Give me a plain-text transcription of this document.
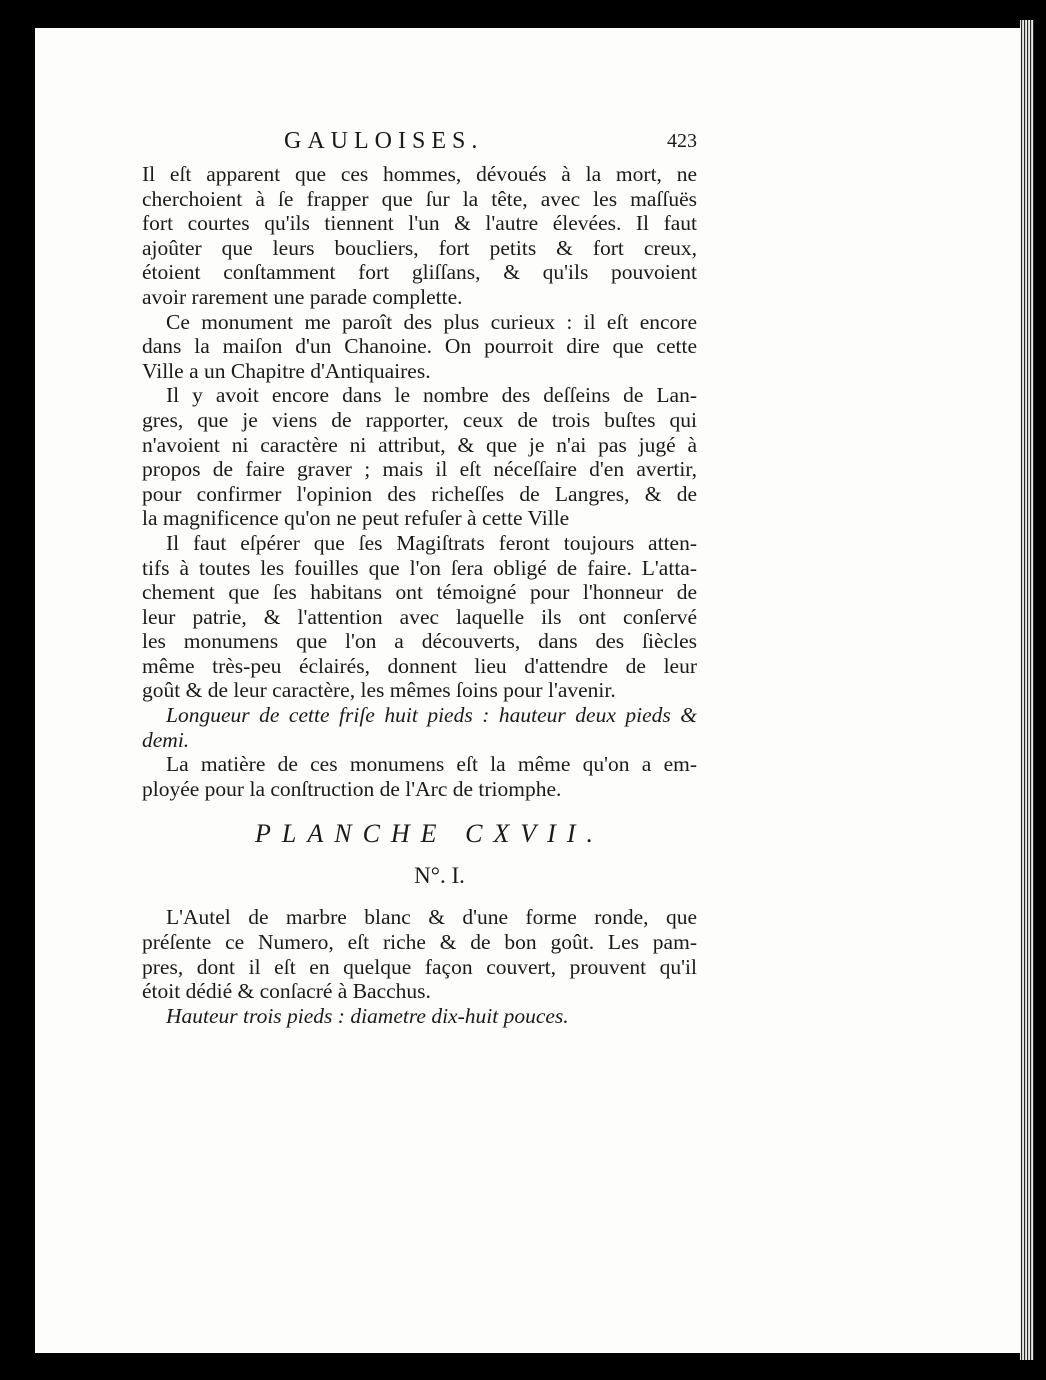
GAULOISES.	423
Il eſt apparent que ces hommes, dévoués à la mort, ne
cherchoient à ſe frapper que ſur la tête, avec les maſſuës
fort courtes qu'ils tiennent l'un & l'autre élevées. Il faut
ajoûter que leurs boucliers, fort petits & fort creux,
étoient conſtamment fort gliſſans, & qu'ils pouvoient
avoir rarement une parade complette.
Ce monument me paroît des plus curieux : il eſt encore
dans la maiſon d'un Chanoine. On pourroit dire que cette
Ville a un Chapitre d'Antiquaires.
Il y avoit encore dans le nombre des deſſeins de Lan-
gres, que je viens de rapporter, ceux de trois buſtes qui
n'avoient ni caractère ni attribut, & que je n'ai pas jugé à
propos de faire graver ; mais il eſt néceſſaire d'en avertir,
pour confirmer l'opinion des richeſſes de Langres, & de
la magnificence qu'on ne peut refuſer à cette Ville
Il faut eſpérer que ſes Magiſtrats feront toujours atten-
tifs à toutes les fouilles que l'on ſera obligé de faire. L'atta-
chement que ſes habitans ont témoigné pour l'honneur de
leur patrie, & l'attention avec laquelle ils ont conſervé
les monumens que l'on a découverts, dans des ſiècles
même très-peu éclairés, donnent lieu d'attendre de leur
goût & de leur caractère, les mêmes ſoins pour l'avenir.
Longueur de cette friſe huit pieds : hauteur deux pieds &
demi.
La matière de ces monumens eſt la même qu'on a em-
ployée pour la conſtruction de l'Arc de triomphe.
PLANCHE CXVII.
N°. I.
L'Autel de marbre blanc & d'une forme ronde, que
préſente ce Numero, eſt riche & de bon goût. Les pam-
pres, dont il eſt en quelque façon couvert, prouvent qu'il
étoit dédié & conſacré à Bacchus.
Hauteur trois pieds : diametre dix-huit pouces.
